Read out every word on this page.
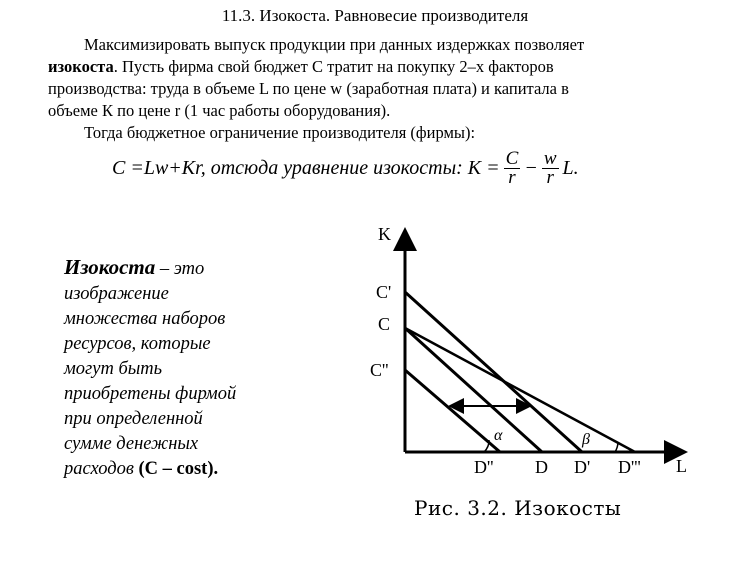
11.3. Изокоста. Равновесие производителя
Максимизировать выпуск продукции при данных издержках позволяет
изокоста. Пусть фирма свой бюджет С тратит на покупку 2–х факторов
производства: труда в объеме L по цене w (заработная плата) и капитала в
объеме К по цене r (1 час работы оборудования).
Тогда бюджетное ограничение производителя (фирмы):
С =Lw+Kr, отсюда уравнение изокосты: $K = \frac{C}{r} - \frac{w}{r} L$.
Изокоста – это
изображение
множества наборов
ресурсов, которые
могут быть
приобретены фирмой
при определенной
сумме денежных
расходов (С – cost).
K
L
α	β
C'
C
C''
D'' D D' D'''
Рис. 3.2. Изокосты
